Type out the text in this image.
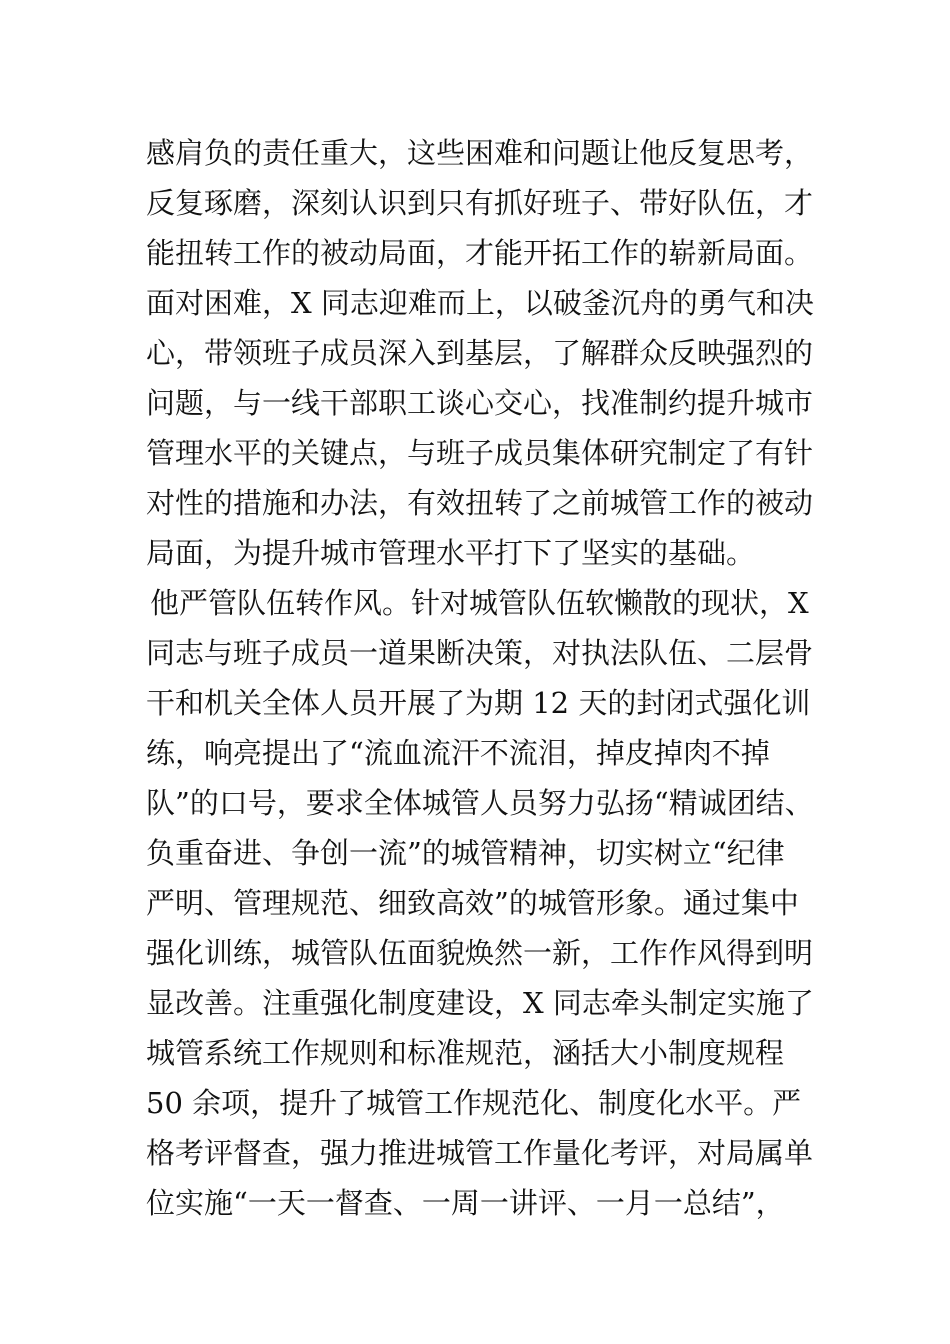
感肩负的责任重大，这些困难和问题让他反复思考，
反复琢磨，深刻认识到只有抓好班子、带好队伍，才
能扭转工作的被动局面，才能开拓工作的崭新局面。
面对困难，X 同志迎难而上，以破釜沉舟的勇气和决
心，带领班子成员深入到基层，了解群众反映强烈的
问题，与一线干部职工谈心交心，找准制约提升城市
管理水平的关键点，与班子成员集体研究制定了有针
对性的措施和办法，有效扭转了之前城管工作的被动
局面，为提升城市管理水平打下了坚实的基础。
他严管队伍转作风。针对城管队伍软懒散的现状，X
同志与班子成员一道果断决策，对执法队伍、二层骨
干和机关全体人员开展了为期 12 天的封闭式强化训
练，响亮提出了“流血流汗不流泪，掉皮掉肉不掉
队”的口号，要求全体城管人员努力弘扬“精诚团结、
负重奋进、争创一流”的城管精神，切实树立“纪律
严明、管理规范、细致高效”的城管形象。通过集中
强化训练，城管队伍面貌焕然一新，工作作风得到明
显改善。注重强化制度建设，X 同志牵头制定实施了
城管系统工作规则和标准规范，涵括大小制度规程
50 余项，提升了城管工作规范化、制度化水平。严
格考评督查，强力推进城管工作量化考评，对局属单
位实施“一天一督查、一周一讲评、一月一总结”，
